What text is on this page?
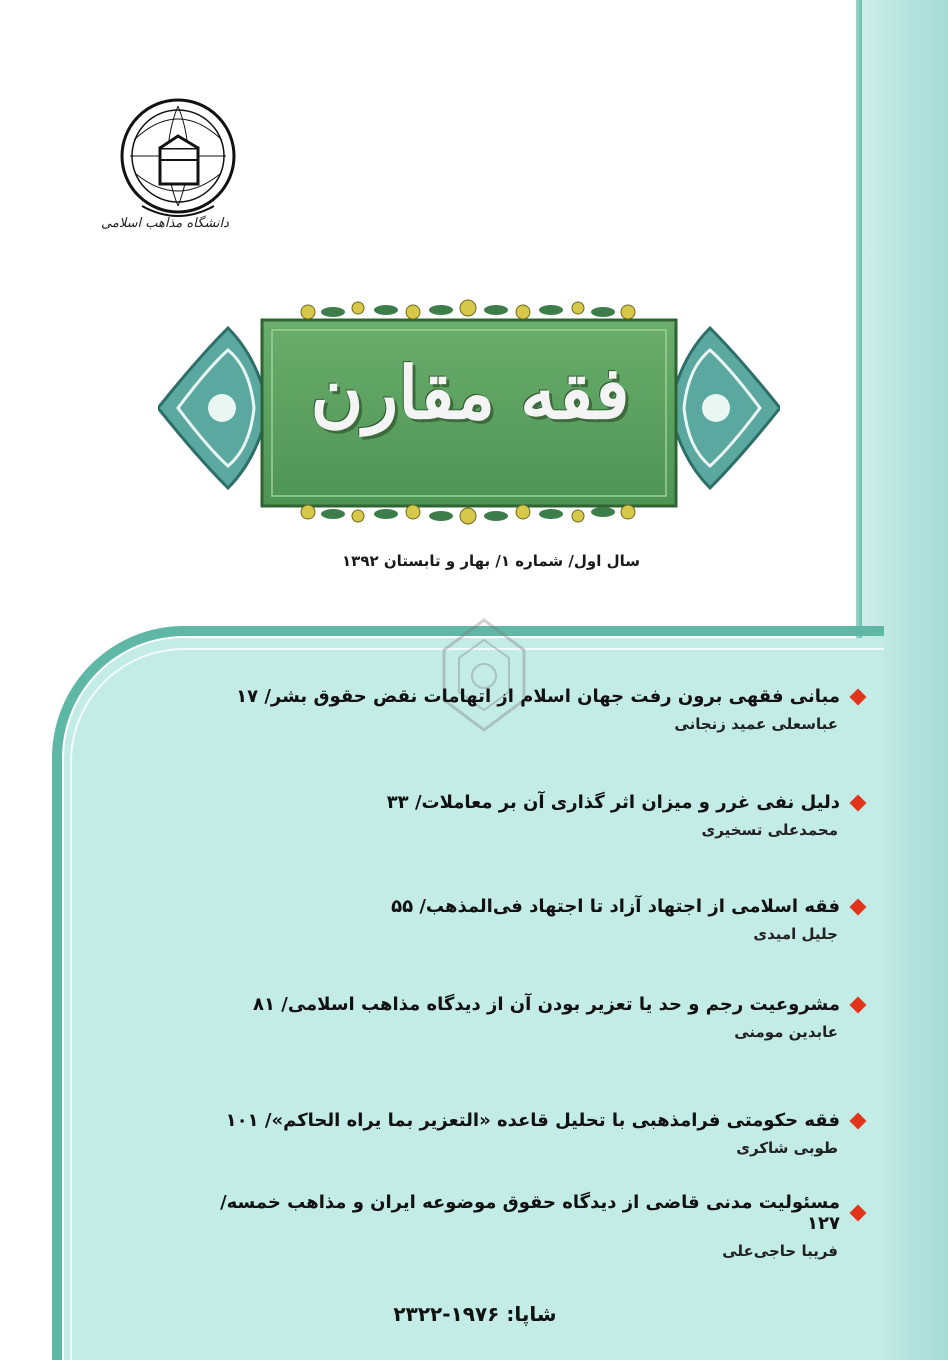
دانشگاه مذاهب اسلامی
فقه مقارن
سال اول/ شماره ۱/ بهار و تابستان ۱۳۹۲
مبانی فقهی برون رفت جهان اسلام از اتهامات نقض حقوق بشر/ ۱۷
عباسعلی عمید زنجانی
دلیل نفی غرر و میزان اثر گذاری آن بر معاملات/ ۳۳
محمدعلی تسخیری
فقه اسلامی از اجتهاد آزاد تا اجتهاد فی‌المذهب/ ۵۵
جلیل امیدی
مشروعیت رجم و حد یا تعزیر بودن آن از دیدگاه مذاهب اسلامی/ ۸۱
عابدین مومنی
فقه حکومتی فرامذهبی با تحلیل قاعده «التعزیر بما یراه الحاکم»/ ۱۰۱
طوبی شاکری
مسئولیت مدنی قاضی از دیدگاه حقوق موضوعه ایران و مذاهب خمسه/ ۱۲۷
فریبا حاجی‌علی
شاپا: ۱۹۷۶-۲۳۲۲
